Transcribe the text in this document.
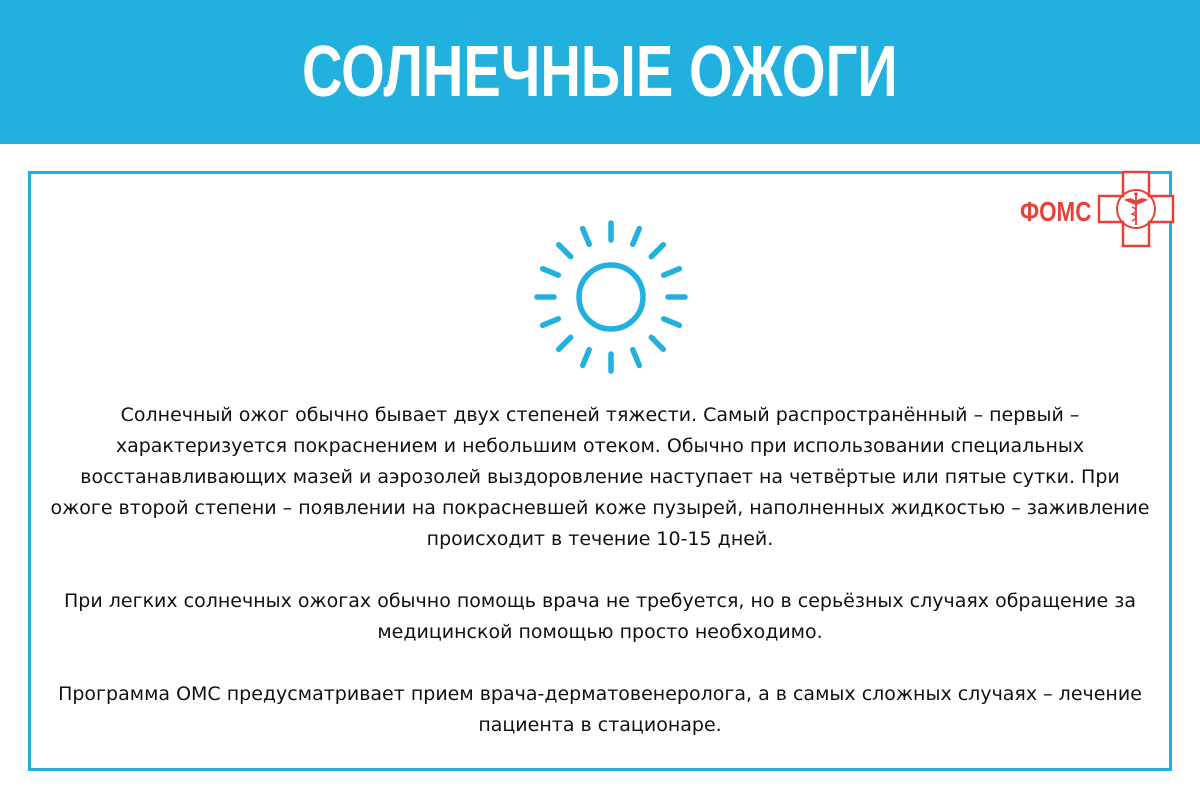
СОЛНЕЧНЫЕ ОЖОГИ
ФОМС

Солнечный ожог обычно бывает двух степеней тяжести. Самый распространённый – первый – характеризуется покраснением и небольшим отеком. Обычно при использовании специальных восстанавливающих мазей и аэрозолей выздоровление наступает на четвёртые или пятые сутки. При ожоге второй степени – появлении на покрасневшей коже пузырей, наполненных жидкостью – заживление происходит в течение 10-15 дней.

При легких солнечных ожогах обычно помощь врача не требуется, но в серьёзных случаях обращение за медицинской помощью просто необходимо.

Программа ОМС предусматривает прием врача-дерматовенеролога, а в самых сложных случаях – лечение пациента в стационаре.
